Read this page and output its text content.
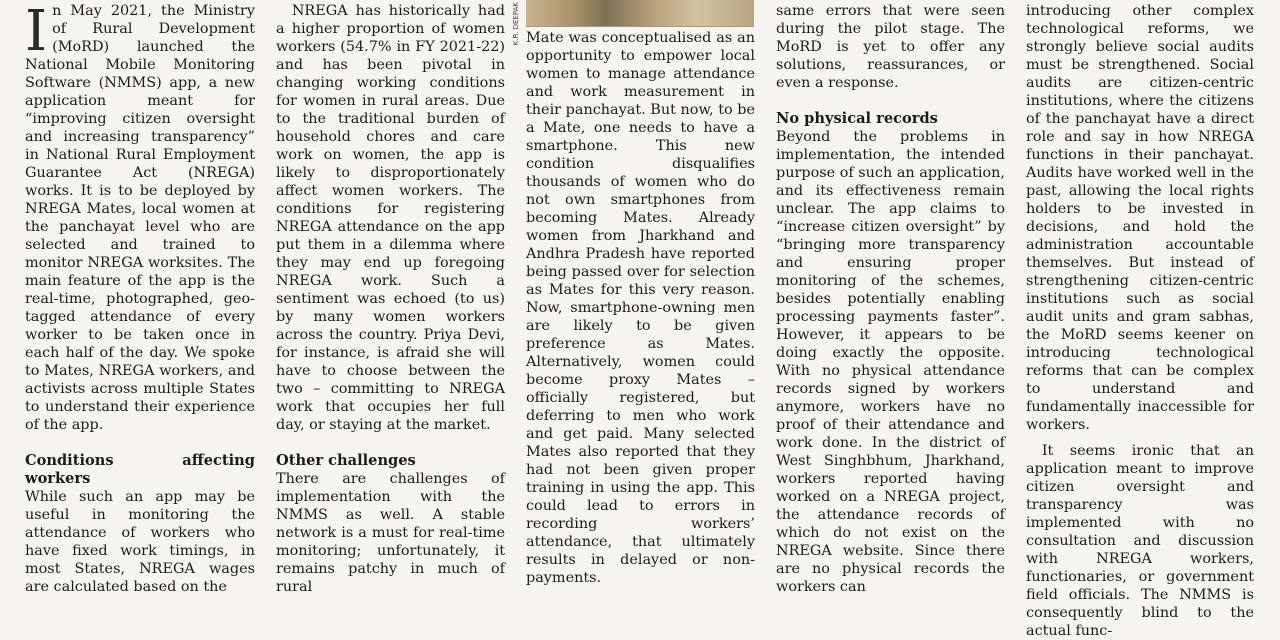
In May 2021, the Ministry of Rural Development (MoRD) launched the National Mobile Monitoring Software (NMMS) app, a new application meant for “improving citizen oversight and increasing transparency” in National Rural Employment Guarantee Act (NREGA) works. It is to be deployed by NREGA Mates, local women at the panchayat level who are selected and trained to monitor NREGA worksites. The main feature of the app is the real-time, photographed, geo-tagged attendance of every worker to be taken once in each half of the day. We spoke to Mates, NREGA workers, and activists across multiple States to understand their experience of the app.

Conditions affecting workers

While such an app may be useful in monitoring the attendance of workers who have fixed work timings, in most States, NREGA wages are calculated based on the

NREGA has historically had a higher proportion of women workers (54.7% in FY 2021-22) and has been pivotal in changing working conditions for women in rural areas. Due to the traditional burden of household chores and care work on women, the app is likely to disproportionately affect women workers. The conditions for registering NREGA attendance on the app put them in a dilemma where they may end up foregoing NREGA work. Such a sentiment was echoed (to us) by many women workers across the country. Priya Devi, for instance, is afraid she will have to choose between the two – committing to NREGA work that occupies her full day, or staying at the market.

Other challenges

There are challenges of implementation with the NMMS as well. A stable network is a must for real-time monitoring; unfortunately, it remains patchy in much of rural

K.R. DEEPAK Mate was conceptualised as an opportunity to empower local women to manage attendance and work measurement in their panchayat. But now, to be a Mate, one needs to have a smartphone. This new condition disqualifies thousands of women who do not own smartphones from becoming Mates. Already women from Jharkhand and Andhra Pradesh have reported being passed over for selection as Mates for this very reason. Now, smartphone-owning men are likely to be given preference as Mates. Alternatively, women could become proxy Mates – officially registered, but deferring to men who work and get paid. Many selected Mates also reported that they had not been given proper training in using the app. This could lead to errors in recording workers’ attendance, that ultimately results in delayed or non-payments.

same errors that were seen during the pilot stage. The MoRD is yet to offer any solutions, reassurances, or even a response.

No physical records

Beyond the problems in implementation, the intended purpose of such an application, and its effectiveness remain unclear. The app claims to “increase citizen oversight” by “bringing more transparency and ensuring proper monitoring of the schemes, besides potentially enabling processing payments faster”. However, it appears to be doing exactly the opposite. With no physical attendance records signed by workers anymore, workers have no proof of their attendance and work done. In the district of West Singhbhum, Jharkhand, workers reported having worked on a NREGA project, the attendance records of which do not exist on the NREGA website. Since there are no physical records the workers can

introducing other complex technological reforms, we strongly believe social audits must be strengthened. Social audits are citizen-centric institutions, where the citizens of the panchayat have a direct role and say in how NREGA functions in their panchayat. Audits have worked well in the past, allowing the local rights holders to be invested in decisions, and hold the administration accountable themselves. But instead of strengthening citizen-centric institutions such as social audit units and gram sabhas, the MoRD seems keener on introducing technological reforms that can be complex to understand and fundamentally inaccessible for workers.

It seems ironic that an application meant to improve citizen oversight and transparency was implemented with no consultation and discussion with NREGA workers, functionaries, or government field officials. The NMMS is consequently blind to the actual func-
